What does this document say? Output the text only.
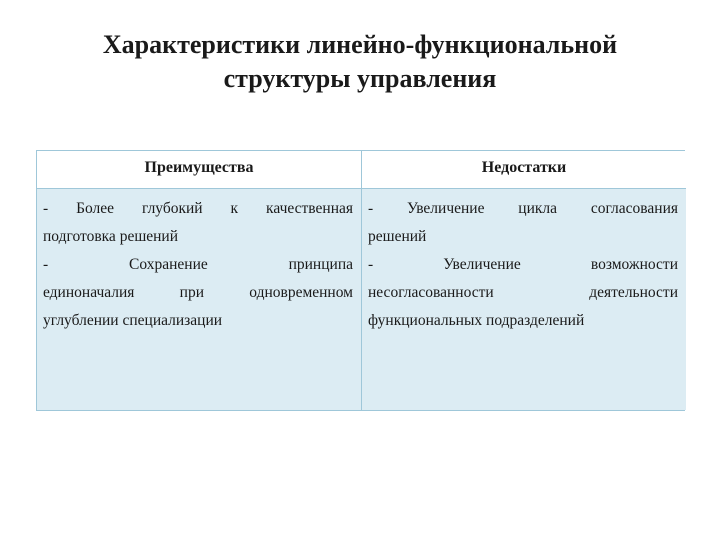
Характеристики линейно-функциональной
структуры управления
Преимущества
- Более глубокий к качественная
подготовка решений
- Сохранение принципа
единоначалия при одновременном
углублении специализации
Недостатки
- Увеличение цикла согласования
решений
- Увеличение возможности
несогласованности деятельности
функциональных подразделений
